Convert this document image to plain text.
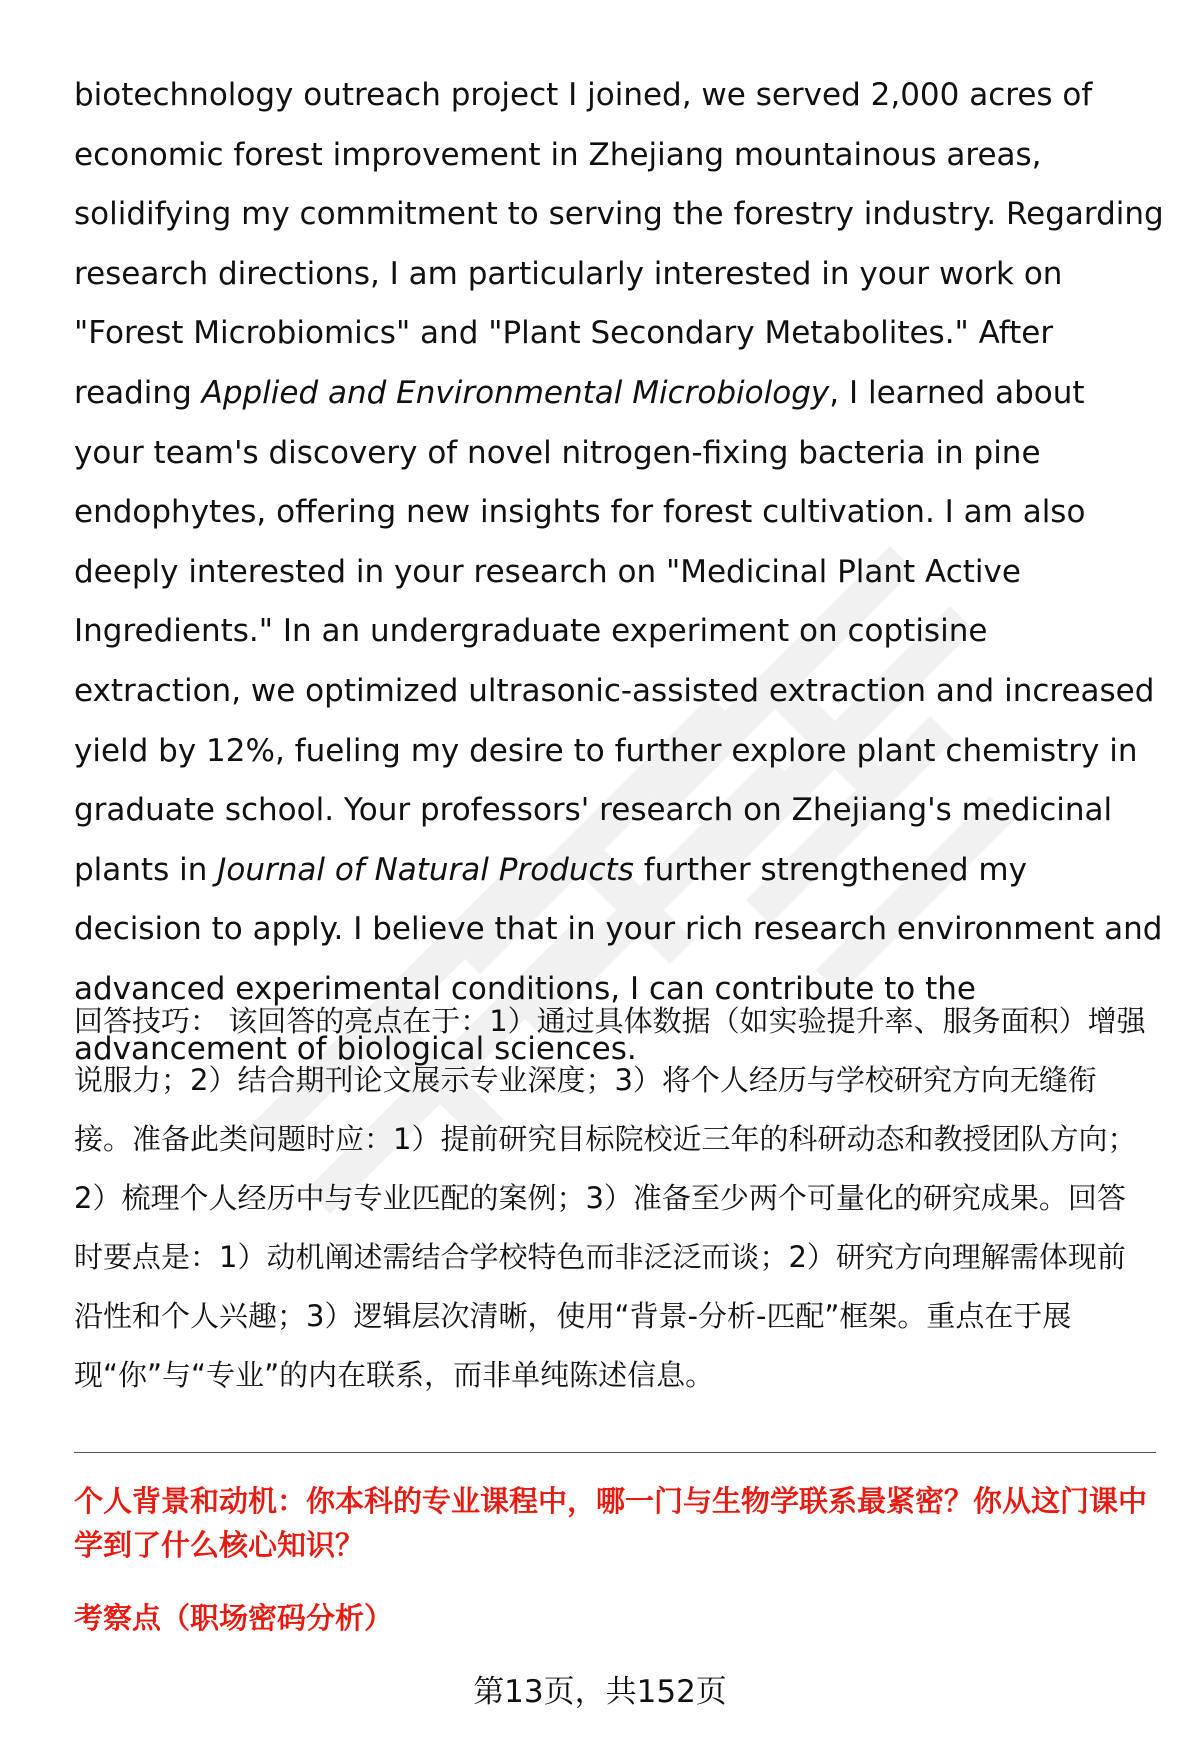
biotechnology outreach project I joined, we served 2,000 acres of economic forest improvement in Zhejiang mountainous areas, solidifying my commitment to serving the forestry industry. Regarding research directions, I am particularly interested in your work on "Forest Microbiomics" and "Plant Secondary Metabolites." After reading Applied and Environmental Microbiology, I learned about your team's discovery of novel nitrogen-fixing bacteria in pine endophytes, offering new insights for forest cultivation. I am also deeply interested in your research on "Medicinal Plant Active Ingredients." In an undergraduate experiment on coptisine extraction, we optimized ultrasonic-assisted extraction and increased yield by 12%, fueling my desire to further explore plant chemistry in graduate school. Your professors' research on Zhejiang's medicinal plants in Journal of Natural Products further strengthened my decision to apply. I believe that in your rich research environment and advanced experimental conditions, I can contribute to the advancement of biological sciences.

回答技巧： 该回答的亮点在于：1）通过具体数据（如实验提升率、服务面积）增强说服力；2）结合期刊论文展示专业深度；3）将个人经历与学校研究方向无缝衔接。准备此类问题时应：1）提前研究目标院校近三年的科研动态和教授团队方向；2）梳理个人经历中与专业匹配的案例；3）准备至少两个可量化的研究成果。回答时要点是：1）动机阐述需结合学校特色而非泛泛而谈；2）研究方向理解需体现前沿性和个人兴趣；3）逻辑层次清晰，使用“背景-分析-匹配”框架。重点在于展现“你”与“专业”的内在联系，而非单纯陈述信息。

个人背景和动机：你本科的专业课程中，哪一门与生物学联系最紧密？你从这门课中学到了什么核心知识？

考察点（职场密码分析）

第13页，共152页
